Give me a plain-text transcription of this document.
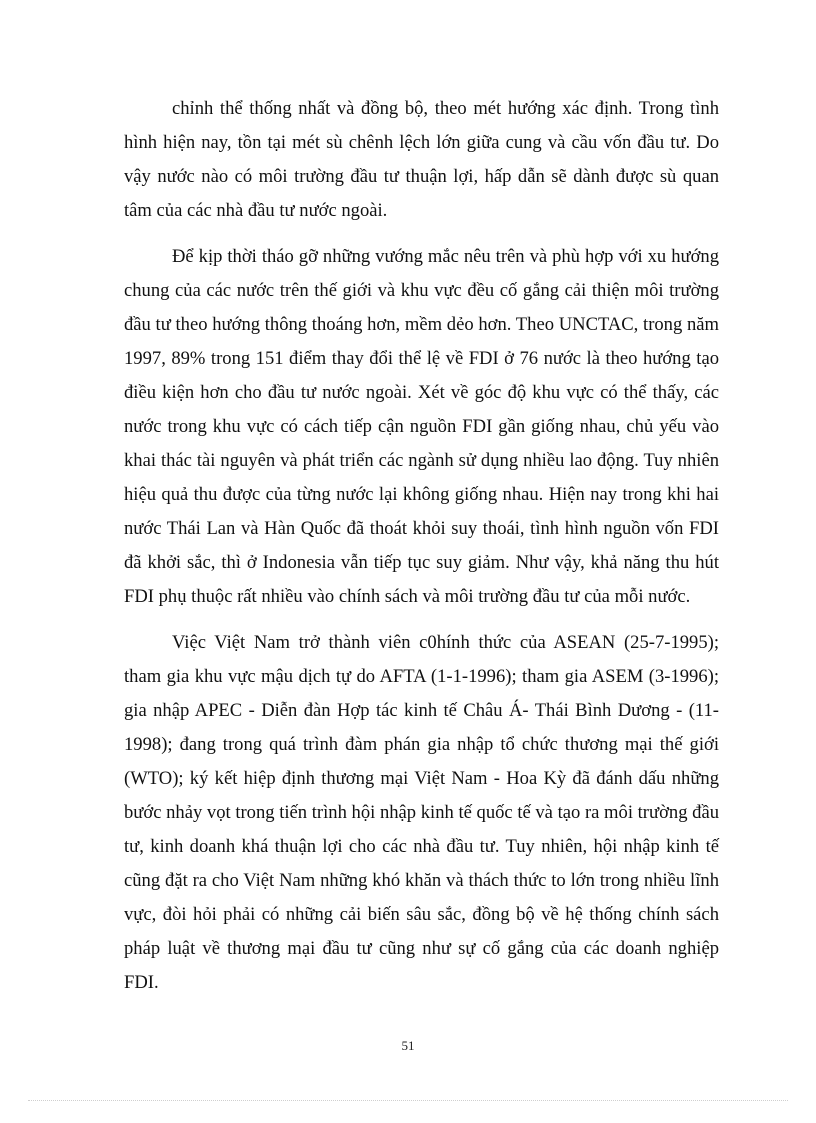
chỉnh thể thống nhất và đồng bộ, theo mét hướng xác định. Trong tình hình hiện nay, tồn tại mét sù chênh lệch lớn giữa cung và cầu vốn đầu tư. Do vậy nước nào có môi trường đầu tư thuận lợi, hấp dẫn sẽ dành được sù quan tâm của các nhà đầu tư nước ngoài.

Để kịp thời tháo gỡ những vướng mắc nêu trên và phù hợp với xu hướng chung của các nước trên thế giới và khu vực đều cố gắng cải thiện môi trường đầu tư theo hướng thông thoáng hơn, mềm dẻo hơn. Theo UNCTAC, trong năm 1997, 89% trong 151 điểm thay đổi thể lệ về FDI ở 76 nước là theo hướng tạo điều kiện hơn cho đầu tư nước ngoài. Xét về góc độ khu vực có thể thấy, các nước trong khu vực có cách tiếp cận nguồn FDI gần giống nhau, chủ yếu vào khai thác tài nguyên và phát triển các ngành sử dụng nhiều lao động. Tuy nhiên hiệu quả thu được của từng nước lại không giống nhau. Hiện nay trong khi hai nước Thái Lan và Hàn Quốc đã thoát khỏi suy thoái, tình hình nguồn vốn FDI đã khởi sắc, thì ở Indonesia vẫn tiếp tục suy giảm. Như vậy, khả năng thu hút FDI phụ thuộc rất nhiều vào chính sách và môi trường đầu tư của mỗi nước.

Việc Việt Nam trở thành viên c0hính thức của ASEAN (25-7-1995); tham gia khu vực mậu dịch tự do AFTA (1-1-1996); tham gia ASEM (3-1996); gia nhập APEC - Diễn đàn Hợp tác kinh tế Châu Á- Thái Bình Dương - (11-1998); đang trong quá trình đàm phán gia nhập tổ chức thương mại thế giới (WTO); ký kết hiệp định thương mại Việt Nam - Hoa Kỳ đã đánh dấu những bước nhảy vọt trong tiến trình hội nhập kinh tế quốc tế và tạo ra môi trường đầu tư, kinh doanh khá thuận lợi cho các nhà đầu tư. Tuy nhiên, hội nhập kinh tế cũng đặt ra cho Việt Nam những khó khăn và thách thức to lớn trong nhiều lĩnh vực, đòi hỏi phải có những cải biến sâu sắc, đồng bộ về hệ thống chính sách pháp luật về thương mại đầu tư cũng như sự cố gắng của các doanh nghiệp FDI.

51
